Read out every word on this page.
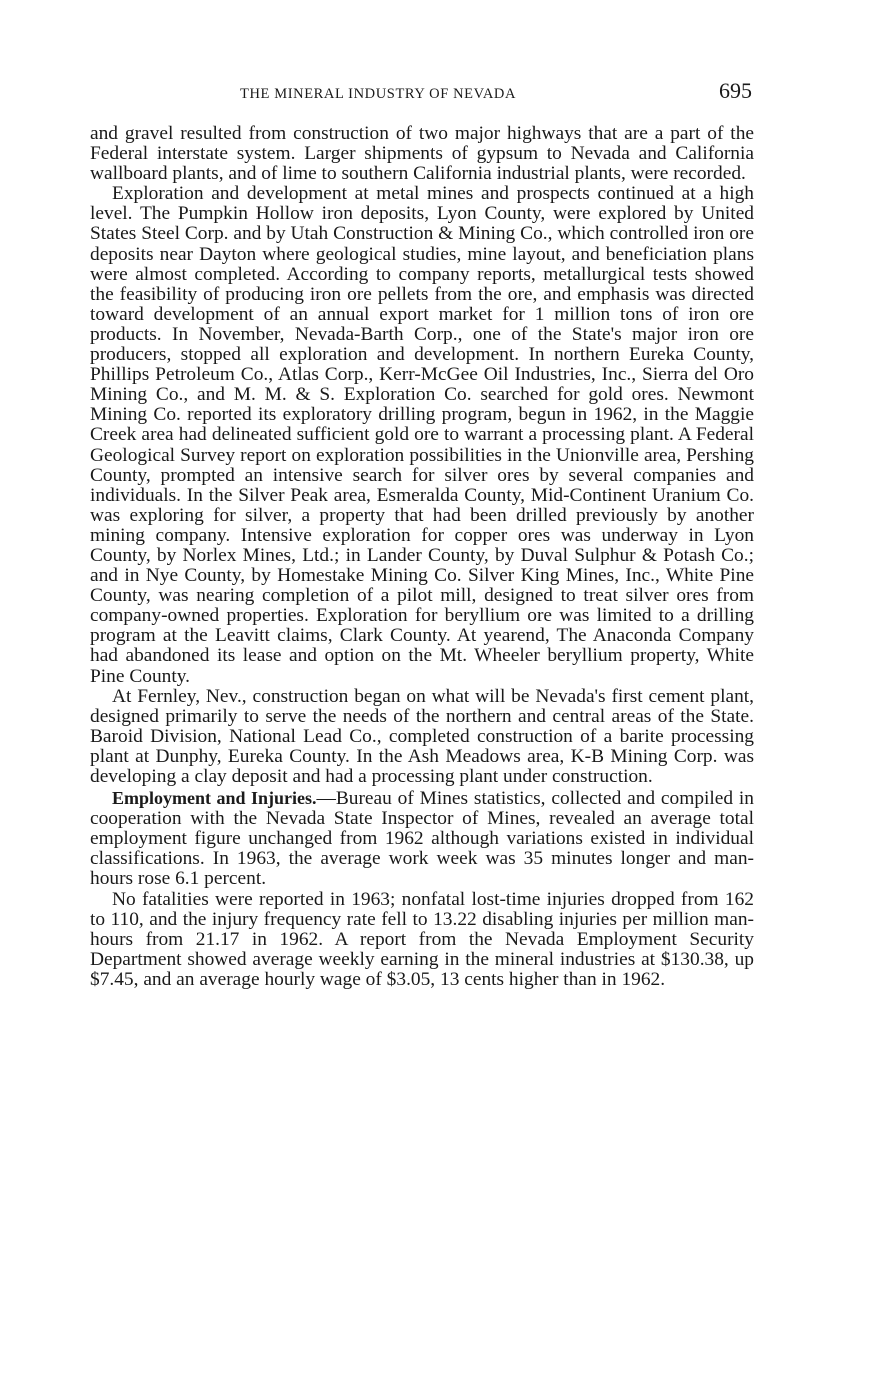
THE MINERAL INDUSTRY OF NEVADA	695

and gravel resulted from construction of two major highways that are a part of the Federal interstate system. Larger shipments of gypsum to Nevada and California wallboard plants, and of lime to southern California industrial plants, were recorded.

Exploration and development at metal mines and prospects continued at a high level. The Pumpkin Hollow iron deposits, Lyon County, were explored by United States Steel Corp. and by Utah Construction & Mining Co., which controlled iron ore deposits near Dayton where geological studies, mine layout, and beneficiation plans were almost completed. According to company reports, metallurgical tests showed the feasibility of producing iron ore pellets from the ore, and emphasis was directed toward development of an annual export market for 1 million tons of iron ore products. In November, Nevada-Barth Corp., one of the State's major iron ore producers, stopped all exploration and development. In northern Eureka County, Phillips Petroleum Co., Atlas Corp., Kerr-McGee Oil Industries, Inc., Sierra del Oro Mining Co., and M. M. & S. Exploration Co. searched for gold ores. Newmont Mining Co. reported its exploratory drilling program, begun in 1962, in the Maggie Creek area had delineated sufficient gold ore to warrant a processing plant. A Federal Geological Survey report on exploration possibilities in the Unionville area, Pershing County, prompted an intensive search for silver ores by several companies and individuals. In the Silver Peak area, Esmeralda County, Mid-Continent Uranium Co. was exploring for silver, a property that had been drilled previously by another mining company. Intensive exploration for copper ores was underway in Lyon County, by Norlex Mines, Ltd.; in Lander County, by Duval Sulphur & Potash Co.; and in Nye County, by Homestake Mining Co. Silver King Mines, Inc., White Pine County, was nearing completion of a pilot mill, designed to treat silver ores from company-owned properties. Exploration for beryllium ore was limited to a drilling program at the Leavitt claims, Clark County. At yearend, The Anaconda Company had abandoned its lease and option on the Mt. Wheeler beryllium property, White Pine County.

At Fernley, Nev., construction began on what will be Nevada's first cement plant, designed primarily to serve the needs of the northern and central areas of the State. Baroid Division, National Lead Co., completed construction of a barite processing plant at Dunphy, Eureka County. In the Ash Meadows area, K-B Mining Corp. was developing a clay deposit and had a processing plant under construction.

Employment and Injuries.—Bureau of Mines statistics, collected and compiled in cooperation with the Nevada State Inspector of Mines, revealed an average total employment figure unchanged from 1962 although variations existed in individual classifications. In 1963, the average work week was 35 minutes longer and man-hours rose 6.1 percent.

No fatalities were reported in 1963; nonfatal lost-time injuries dropped from 162 to 110, and the injury frequency rate fell to 13.22 disabling injuries per million man-hours from 21.17 in 1962. A report from the Nevada Employment Security Department showed average weekly earning in the mineral industries at $130.38, up $7.45, and an average hourly wage of $3.05, 13 cents higher than in 1962.
